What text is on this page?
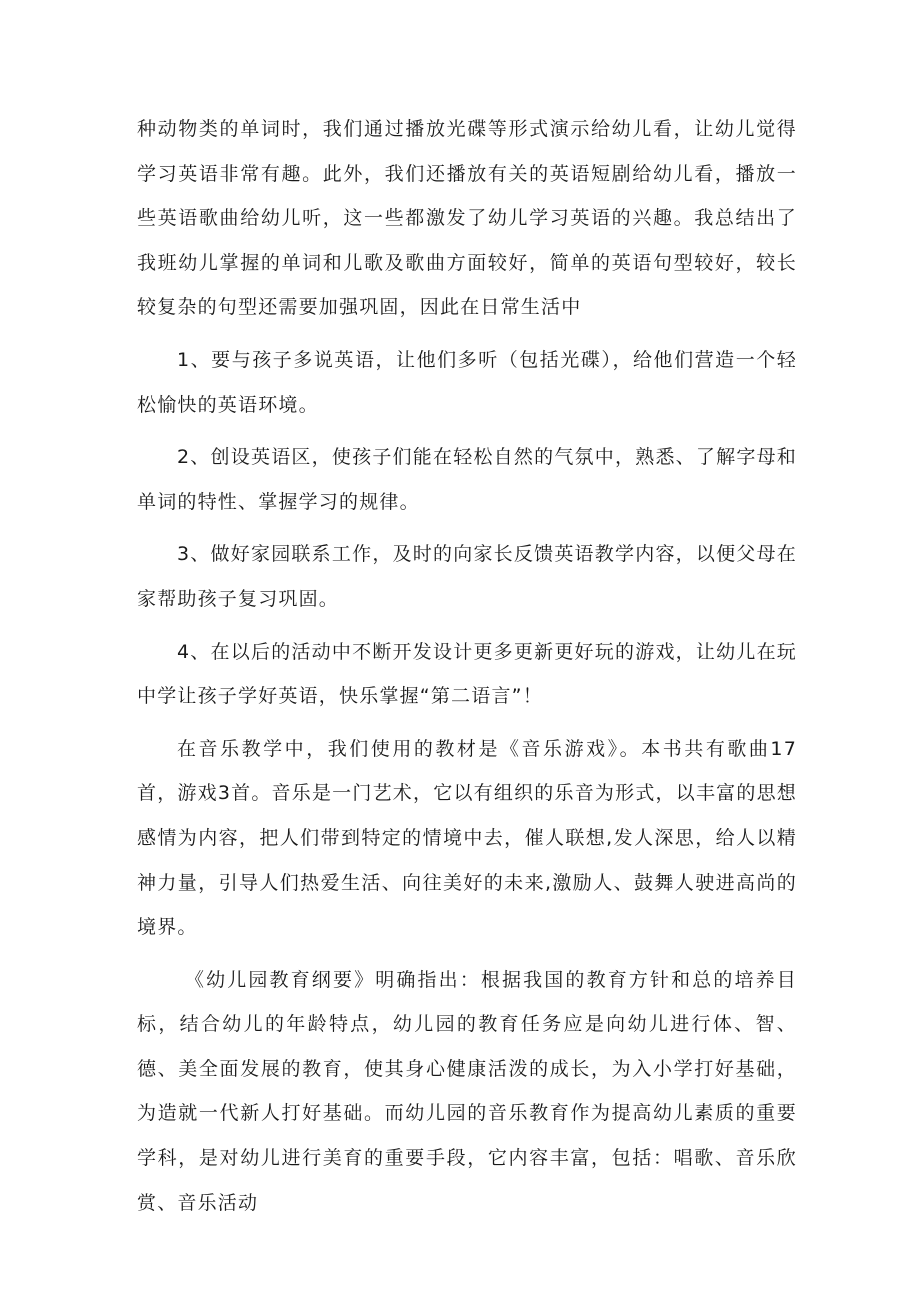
种动物类的单词时，我们通过播放光碟等形式演示给幼儿看，让幼儿觉得学习英语非常有趣。此外，我们还播放有关的英语短剧给幼儿看，播放一些英语歌曲给幼儿听，这一些都激发了幼儿学习英语的兴趣。我总结出了我班幼儿掌握的单词和儿歌及歌曲方面较好，简单的英语句型较好，较长较复杂的句型还需要加强巩固，因此在日常生活中

1、要与孩子多说英语，让他们多听（包括光碟），给他们营造一个轻松愉快的英语环境。

2、创设英语区，使孩子们能在轻松自然的气氛中，熟悉、了解字母和单词的特性、掌握学习的规律。

3、做好家园联系工作，及时的向家长反馈英语教学内容，以便父母在家帮助孩子复习巩固。

4、在以后的活动中不断开发设计更多更新更好玩的游戏，让幼儿在玩中学让孩子学好英语，快乐掌握“第二语言”！

在音乐教学中，我们使用的教材是《音乐游戏》。本书共有歌曲17首，游戏3首。音乐是一门艺术，它以有组织的乐音为形式，以丰富的思想感情为内容，把人们带到特定的情境中去，催人联想,发人深思，给人以精神力量，引导人们热爱生活、向往美好的未来,激励人、鼓舞人驶进高尚的境界。

《幼儿园教育纲要》明确指出：根据我国的教育方针和总的培养目标，结合幼儿的年龄特点，幼儿园的教育任务应是向幼儿进行体、智、德、美全面发展的教育，使其身心健康活泼的成长，为入小学打好基础，为造就一代新人打好基础。而幼儿园的音乐教育作为提高幼儿素质的重要学科，是对幼儿进行美育的重要手段，它内容丰富，包括：唱歌、音乐欣赏、音乐活动
